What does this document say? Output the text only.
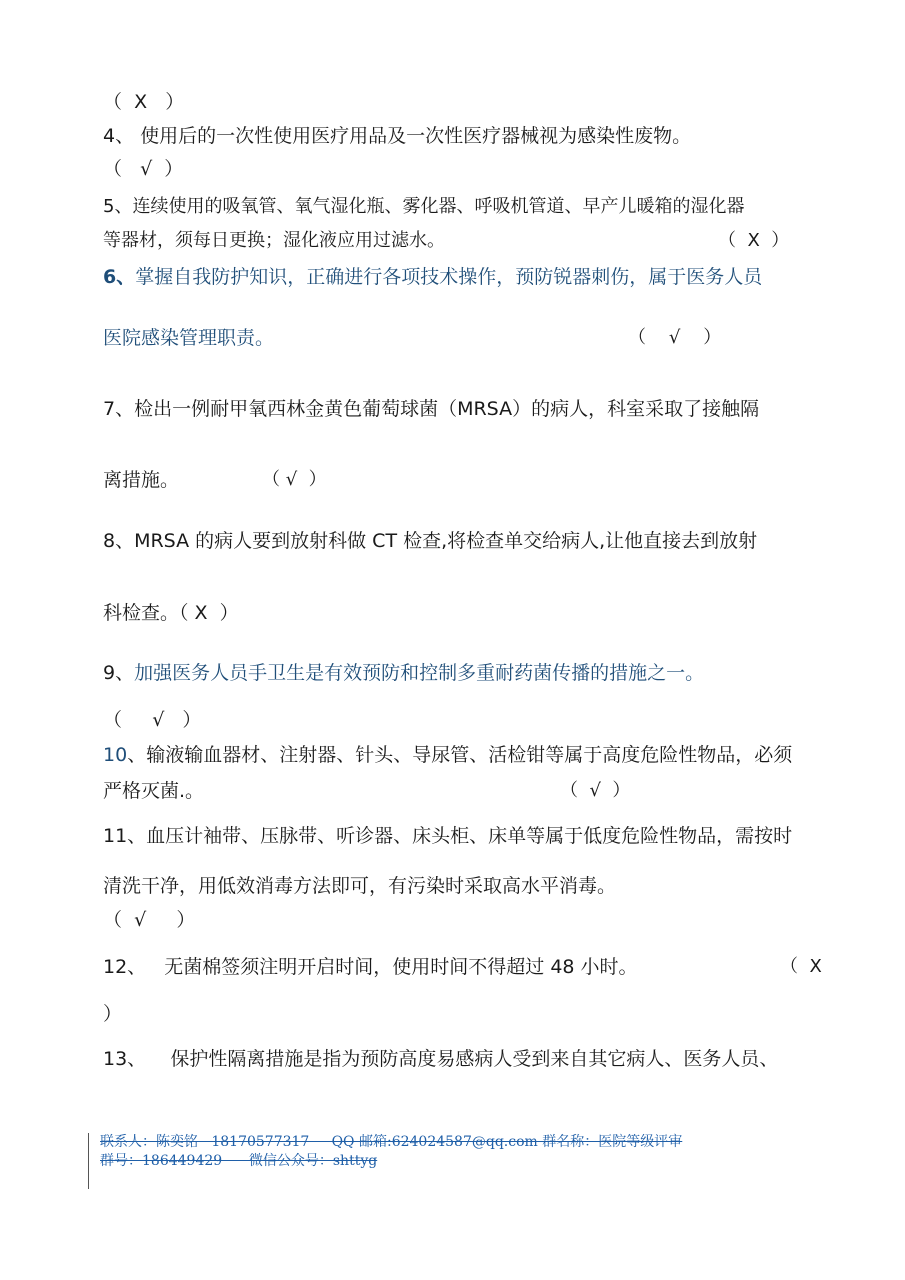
（  X   ）
4、 使用后的一次性使用医疗用品及一次性医疗器械视为感染性废物。
（   √  ）
5、连续使用的吸氧管、氧气湿化瓶、雾化器、呼吸机管道、早产儿暖箱的湿化器
等器材，须每日更换；湿化液应用过滤水。	（  X  ）
6、掌握自我防护知识，正确进行各项技术操作，预防锐器刺伤，属于医务人员
医院感染管理职责。	（    √    ）
7、检出一例耐甲氧西林金黄色葡萄球菌（MRSA）的病人，科室采取了接触隔
离措施。	（ √  ）
8、MRSA 的病人要到放射科做 CT 检查,将检查单交给病人,让他直接去到放射
科检查。（ X  ）
9、加强医务人员手卫生是有效预防和控制多重耐药菌传播的措施之一。
（     √   ）
10、输液输血器材、注射器、针头、导尿管、活检钳等属于高度危险性物品，必须
严格灭菌.。	（  √  ）
11、血压计袖带、压脉带、听诊器、床头柜、床单等属于低度危险性物品，需按时
清洗干净，用低效消毒方法即可，有污染时采取高水平消毒。
（  √     ）
12、   无菌棉签须注明开启时间，使用时间不得超过 48 小时。	（  X
）
13、    保护性隔离措施是指为预防高度易感病人受到来自其它病人、医务人员、
联系人：陈奕铭   18170577317     QQ 邮箱:624024587@qq.com 群名称：医院等级评审
群号：186449429      微信公众号：shttyg
